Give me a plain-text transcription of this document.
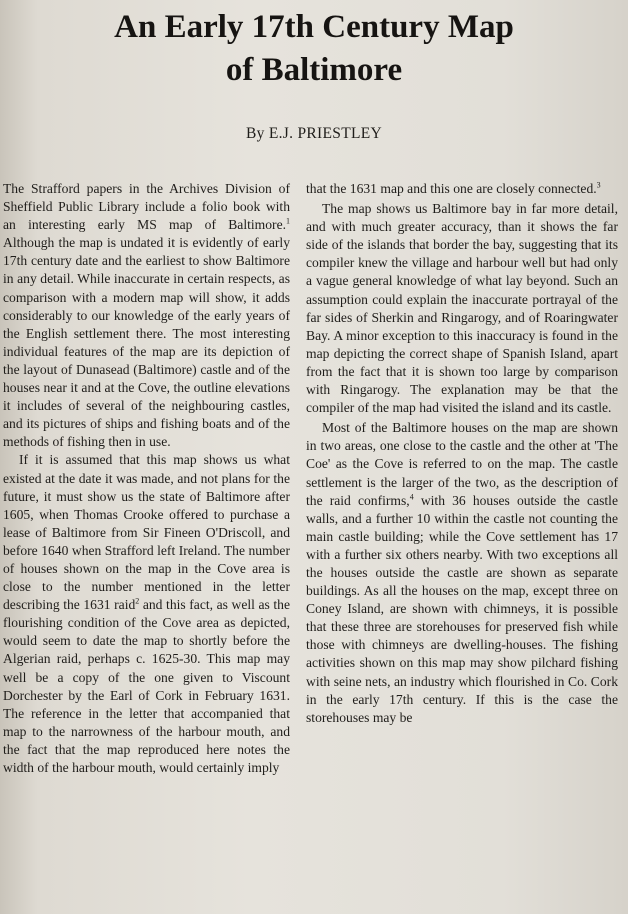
An Early 17th Century Map
of Baltimore

By E.J. PRIESTLEY

The Strafford papers in the Archives Division of Sheffield Public Library include a folio book with an interesting early MS map of Baltimore.$^1$ Although the map is undated it is evidently of early 17th century date and the earliest to show Baltimore in any detail. While inaccurate in certain respects, as comparison with a modern map will show, it adds considerably to our knowledge of the early years of the English settlement there. The most interesting individual features of the map are its depiction of the layout of Dunasead (Baltimore) castle and of the houses near it and at the Cove, the outline elevations it includes of several of the neighbouring castles, and its pictures of ships and fishing boats and of the methods of fishing then in use.

If it is assumed that this map shows us what existed at the date it was made, and not plans for the future, it must show us the state of Baltimore after 1605, when Thomas Crooke offered to purchase a lease of Baltimore from Sir Fineen O'Driscoll, and before 1640 when Strafford left Ireland. The number of houses shown on the map in the Cove area is close to the number mentioned in the letter describing the 1631 raid$^2$ and this fact, as well as the flourishing condition of the Cove area as depicted, would seem to date the map to shortly before the Algerian raid, perhaps c. 1625-30. This map may well be a copy of the one given to Viscount Dorchester by the Earl of Cork in February 1631. The reference in the letter that accompanied that map to the narrowness of the harbour mouth, and the fact that the map reproduced here notes the width of the harbour mouth, would certainly imply

that the 1631 map and this one are closely connected.$^3$

The map shows us Baltimore bay in far more detail, and with much greater accuracy, than it shows the far side of the islands that border the bay, suggesting that its compiler knew the village and harbour well but had only a vague general knowledge of what lay beyond. Such an assumption could explain the inaccurate portrayal of the far sides of Sherkin and Ringarogy, and of Roaringwater Bay. A minor exception to this inaccuracy is found in the map depicting the correct shape of Spanish Island, apart from the fact that it is shown too large by comparison with Ringarogy. The explanation may be that the compiler of the map had visited the island and its castle.

Most of the Baltimore houses on the map are shown in two areas, one close to the castle and the other at 'The Coe' as the Cove is referred to on the map. The castle settlement is the larger of the two, as the description of the raid confirms,$^4$ with 36 houses outside the castle walls, and a further 10 within the castle not counting the main castle building; while the Cove settlement has 17 with a further six others nearby. With two exceptions all the houses outside the castle are shown as separate buildings. As all the houses on the map, except three on Coney Island, are shown with chimneys, it is possible that these three are storehouses for preserved fish while those with chimneys are dwelling-houses. The fishing activities shown on this map may show pilchard fishing with seine nets, an industry which flourished in Co. Cork in the early 17th century. If this is the case the storehouses may be
